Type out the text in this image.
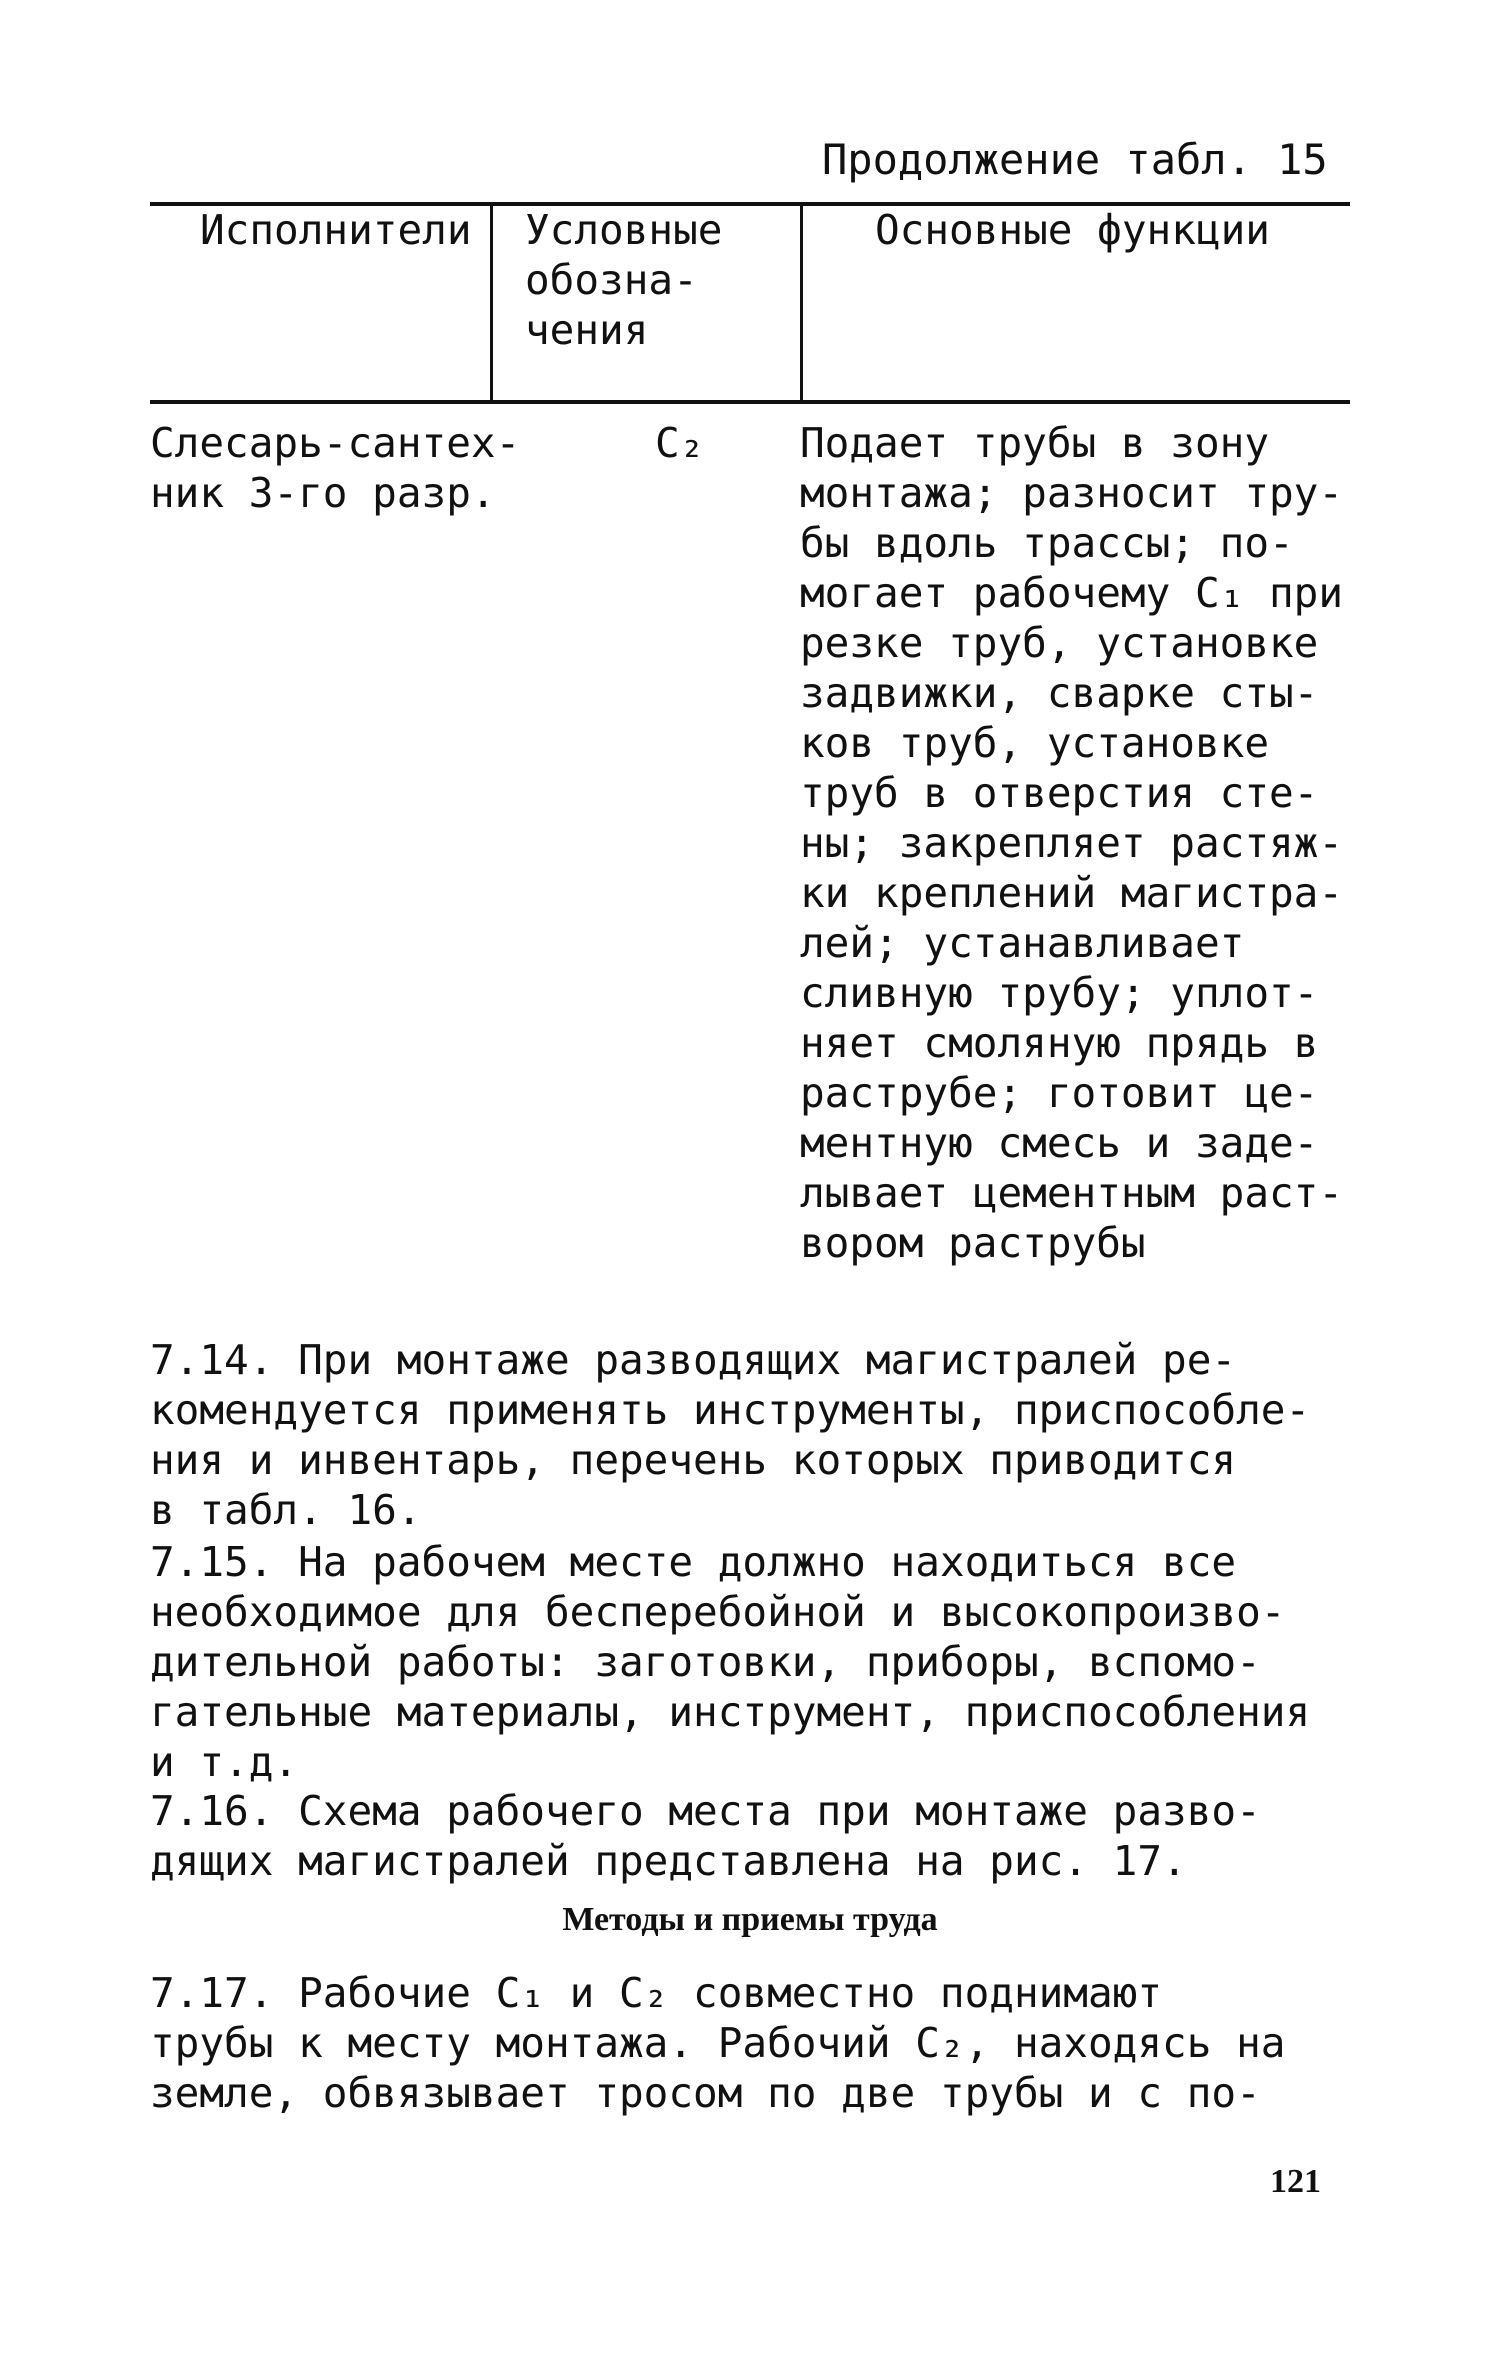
Продолжение табл. 15
Исполнители Условные
обозна-
чения
Основные функции
Слесарь-сантех-
ник 3-го разр.
С₂ Подает трубы в зону
монтажа; разносит тру-
бы вдоль трассы; по-
могает рабочему С₁ при
резке труб, установке
задвижки, сварке сты-
ков труб, установке
труб в отверстия сте-
ны; закрепляет растяж-
ки креплений магистра-
лей; устанавливает
сливную трубу; уплот-
няет смоляную прядь в
раструбе; готовит це-
ментную смесь и заде-
лывает цементным раст-
вором раструбы
7.14. При монтаже разводящих магистралей ре-
комендуется применять инструменты, приспособле-
ния и инвентарь, перечень которых приводится
в табл. 16.
7.15. На рабочем месте должно находиться все
необходимое для бесперебойной и высокопроизво-
дительной работы: заготовки, приборы, вспомо-
гательные материалы, инструмент, приспособления
и т.д.
7.16. Схема рабочего места при монтаже разво-
дящих магистралей представлена на рис. 17.
Методы и приемы труда
7.17. Рабочие С₁ и С₂ совместно поднимают
трубы к месту монтажа. Рабочий С₂, находясь на
земле, обвязывает тросом по две трубы и с по-
121
